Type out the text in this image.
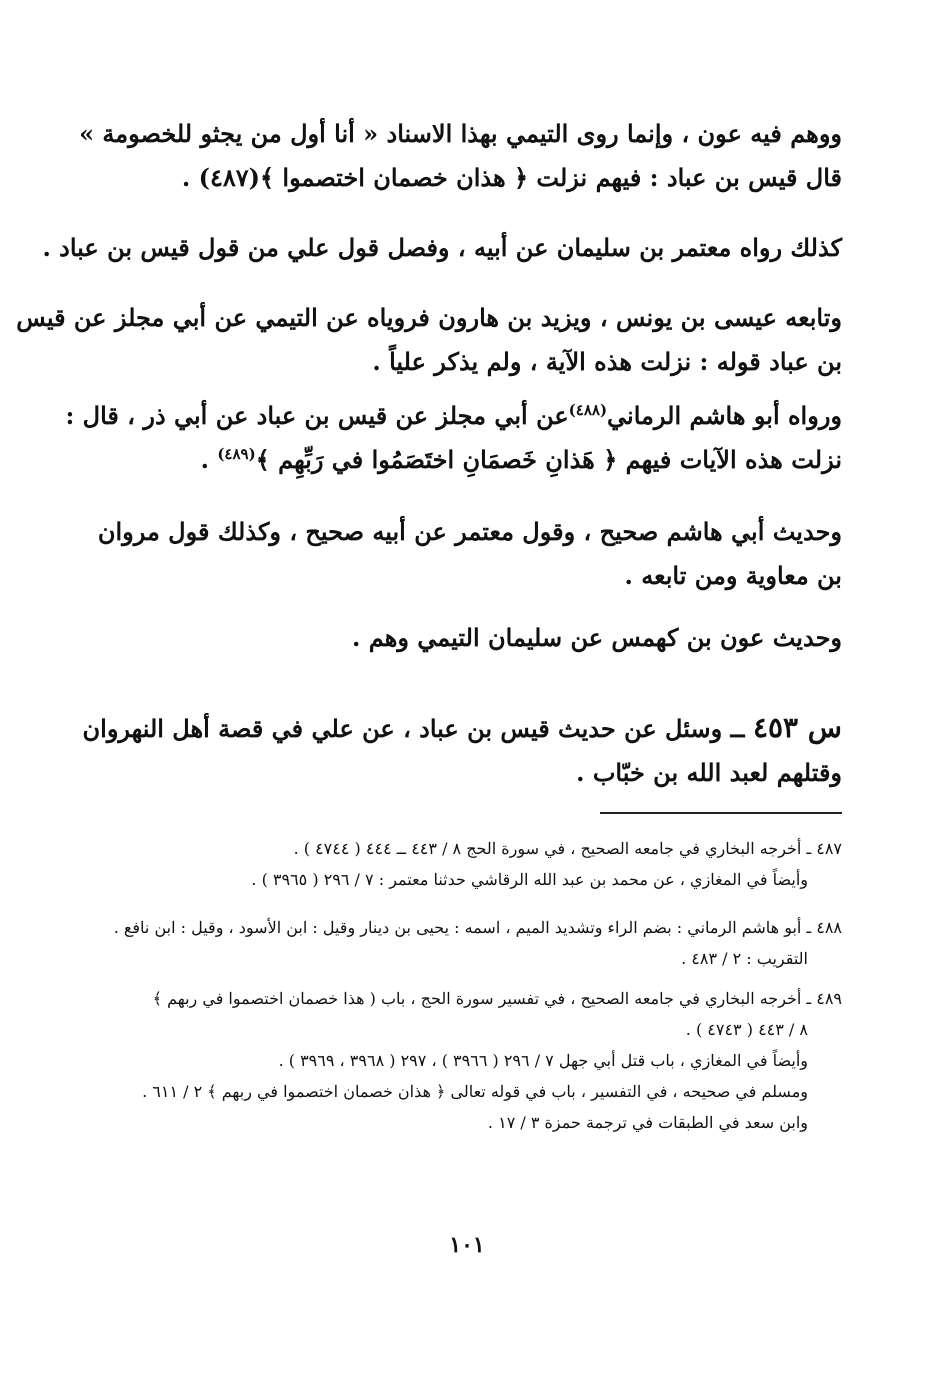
ووهم فيه عون ، وإنما روى التيمي بهذا الاسناد « أنا أول من يجثو للخصومة »
قال قيس بن عباد : فيهم نزلت ﴿ هذان خصمان اختصموا ﴾(٤٨٧) .
كذلك رواه معتمر بن سليمان عن أبيه ، وفصل قول علي من قول قيس بن عباد .
وتابعه عيسى بن يونس ، ويزيد بن هارون فروياه عن التيمي عن أبي مجلز عن قيس
بن عباد قوله : نزلت هذه الآية ، ولم يذكر علياً .
ورواه أبو هاشم الرماني$^{(٤٨٨)}$عن أبي مجلز عن قيس بن عباد عن أبي ذر ، قال :
نزلت هذه الآيات فيهم ﴿ هَذانِ خَصمَانِ اختَصَمُوا في رَبِّهِم ﴾$^{(٤٨٩)}$ .
وحديث أبي هاشم صحيح ، وقول معتمر عن أبيه صحيح ، وكذلك قول مروان
بن معاوية ومن تابعه .
وحديث عون بن كهمس عن سليمان التيمي وهم .
س ٤٥٣ ــ وسئل عن حديث قيس بن عباد ، عن علي في قصة أهل النهروان
وقتلهم لعبد الله بن خبّاب .
٤٨٧ ـ أخرجه البخاري في جامعه الصحيح ، في سورة الحج ٨ / ٤٤٣ ــ ٤٤٤ ( ٤٧٤٤ ) .
وأيضاً في المغازي ، عن محمد بن عبد الله الرقاشي حدثنا معتمر : ٧ / ٢٩٦ ( ٣٩٦٥ ) .
٤٨٨ ـ أبو هاشم الرماني : بضم الراء وتشديد الميم ، اسمه : يحيى بن دينار وقيل : ابن الأسود ، وقيل : ابن نافع .
التقريب : ٢ / ٤٨٣ .
٤٨٩ ـ أخرجه البخاري في جامعه الصحيح ، في تفسير سورة الحج ، باب ( هذا خصمان اختصموا في ربهم ﴾
٨ / ٤٤٣ ( ٤٧٤٣ ) .
وأيضاً في المغازي ، باب قتل أبي جهل ٧ / ٢٩٦ ( ٣٩٦٦ ) ، ٢٩٧ ( ٣٩٦٨ ، ٣٩٦٩ ) .
ومسلم في صحيحه ، في التفسير ، باب في قوله تعالى ﴿ هذان خصمان اختصموا في ربهم ﴾ ٢ / ٦١١ .
وابن سعد في الطبقات في ترجمة حمزة ٣ / ١٧ .
١٠١
